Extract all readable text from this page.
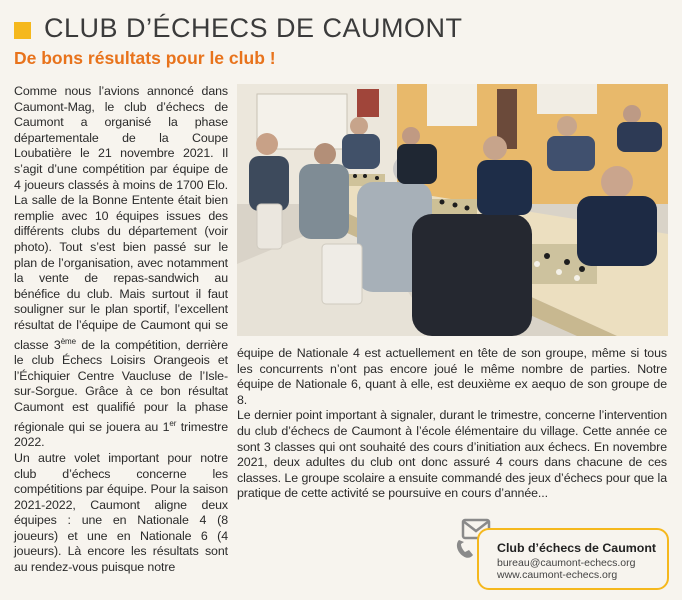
CLUB D’ÉCHECS DE CAUMONT
De bons résultats pour le club !

Comme nous l’avions annoncé dans Caumont-Mag, le club d’échecs de Caumont a organisé la phase départementale de la Coupe Loubatière le 21 novembre 2021. Il s’agit d’une compétition par équipe de 4 joueurs classés à moins de 1700 Elo. La salle de la Bonne Entente était bien remplie avec 10 équipes issues des différents clubs du département (voir photo). Tout s’est bien passé sur le plan de l’organisation, avec notamment la vente de repas-sandwich au bénéfice du club. Mais surtout il faut souligner sur le plan sportif, l’excellent résultat de l’équipe de Caumont qui se classe 3ème de la compétition, derrière le club Échecs Loisirs Orangeois et l’Échiquier Centre Vaucluse de l’Isle-sur-Sorgue. Grâce à ce bon résultat Caumont est qualifié pour la phase régionale qui se jouera au 1er trimestre 2022.

Un autre volet important pour notre club d’échecs concerne les compétitions par équipe. Pour la saison 2021-2022, Caumont aligne deux équipes : une en Nationale 4 (8 joueurs) et une en Nationale 6 (4 joueurs). Là encore les résultats sont au rendez-vous puisque notre

équipe de Nationale 4 est actuellement en tête de son groupe, même si tous les concurrents n’ont pas encore joué le même nombre de parties. Notre équipe de Nationale 6, quant à elle, est deuxième ex aequo de son groupe de 8.

Le dernier point important à signaler, durant le trimestre, concerne l’intervention du club d’échecs de Caumont à l’école élémentaire du village. Cette année ce sont 3 classes qui ont souhaité des cours d’initiation aux échecs. En novembre 2021, deux adultes du club ont donc assuré 4 cours dans chacune de ces classes. Le groupe scolaire a ensuite commandé des jeux d’échecs pour que la pratique de cette activité se poursuive en cours d’année...

Club d’échecs de Caumont
bureau@caumont-echecs.org
www.caumont-echecs.org
